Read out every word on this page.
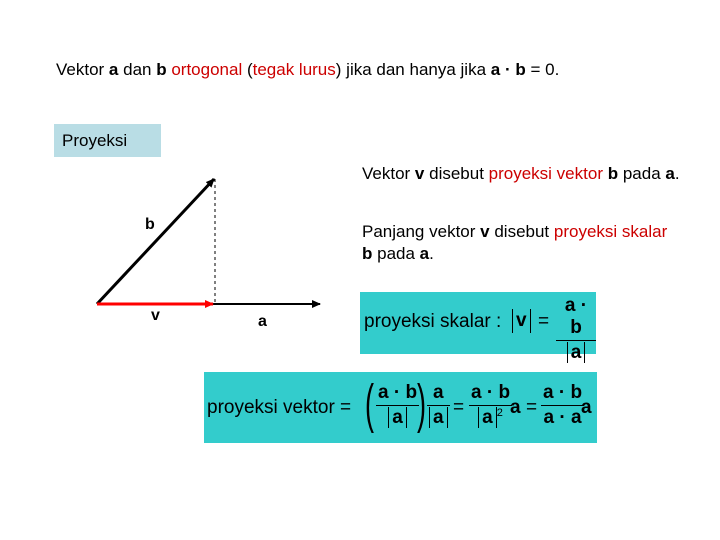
Vektor a dan b ortogonal (tegak lurus) jika dan hanya jika a · b = 0.
Proyeksi
b
v	a
Vektor v disebut proyeksi vektor b pada a.
Panjang vektor v disebut proyeksi skalar b pada a.
proyeksi skalar : v =
a · b
a
proyeksi vektor = ( a · b
a ) a
a =
a · b
a $^2$ a =
a · b
a · a a
